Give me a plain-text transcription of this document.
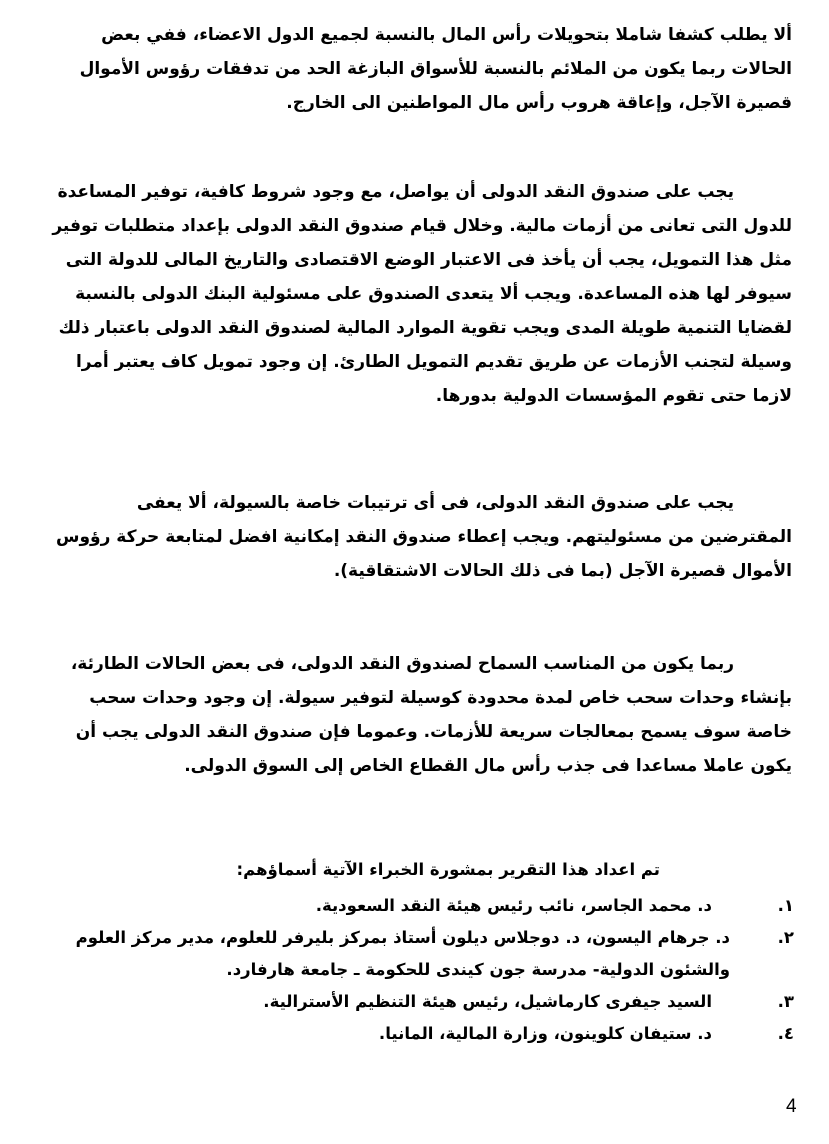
ألا يطلب كشفا شاملا بتحويلات رأس المال بالنسبة لجميع الدول الاعضاء، ففي بعض
الحالات ربما يكون من الملائم بالنسبة للأسواق البازغة الحد من تدفقات رؤوس الأموال
قصيرة الآجل، وإعاقة هروب رأس مال المواطنين الى الخارج.
يجب على صندوق النقد الدولى أن يواصل، مع وجود شروط كافية، توفير المساعدة
للدول التى تعانى من أزمات مالية. وخلال قيام صندوق النقد الدولى بإعداد متطلبات توفير
مثل هذا التمويل، يجب أن يأخذ فى الاعتبار الوضع الاقتصادى والتاريخ المالى للدولة التى
سيوفر لها هذه المساعدة. ويجب ألا يتعدى الصندوق على مسئولية البنك الدولى بالنسبة
لقضايا التنمية طويلة المدى ويجب تقوية الموارد المالية لصندوق النقد الدولى باعتبار ذلك
وسيلة لتجنب الأزمات عن طريق تقديم التمويل الطارئ. إن وجود تمويل كاف يعتبر أمرا
لازما حتى تقوم المؤسسات الدولية بدورها.
يجب على صندوق النقد الدولى، فى أى ترتيبات خاصة بالسيولة، ألا يعفى
المقترضين من مسئوليتهم. ويجب إعطاء صندوق النقد إمكانية افضل لمتابعة حركة رؤوس
الأموال قصيرة الآجل (بما فى ذلك الحالات الاشتقاقية).
ربما يكون من المناسب السماح لصندوق النقد الدولى، فى بعض الحالات الطارئة،
بإنشاء وحدات سحب خاص لمدة محدودة كوسيلة لتوفير سيولة. إن وجود وحدات سحب
خاصة سوف يسمح بمعالجات سريعة للأزمات. وعموما فإن صندوق النقد الدولى يجب أن
يكون عاملا مساعدا فى جذب رأس مال القطاع الخاص إلى السوق الدولى.
تم اعداد هذا التقرير بمشورة الخبراء الآتية أسماؤهم:
١.
د. محمد الجاسر، نائب رئيس هيئة النقد السعودية.
٢.
د. جرهام اليسون، د. دوجلاس ديلون أستاذ بمركز بليرفر للعلوم، مدير مركز العلوم
والشئون الدولية- مدرسة جون كيندى للحكومة ـ جامعة هارفارد.
٣.
السيد جيفرى كارماشيل، رئيس هيئة التنظيم الأسترالية.
٤.
د. ستيفان كلوينون، وزارة المالية، المانيا.
4
